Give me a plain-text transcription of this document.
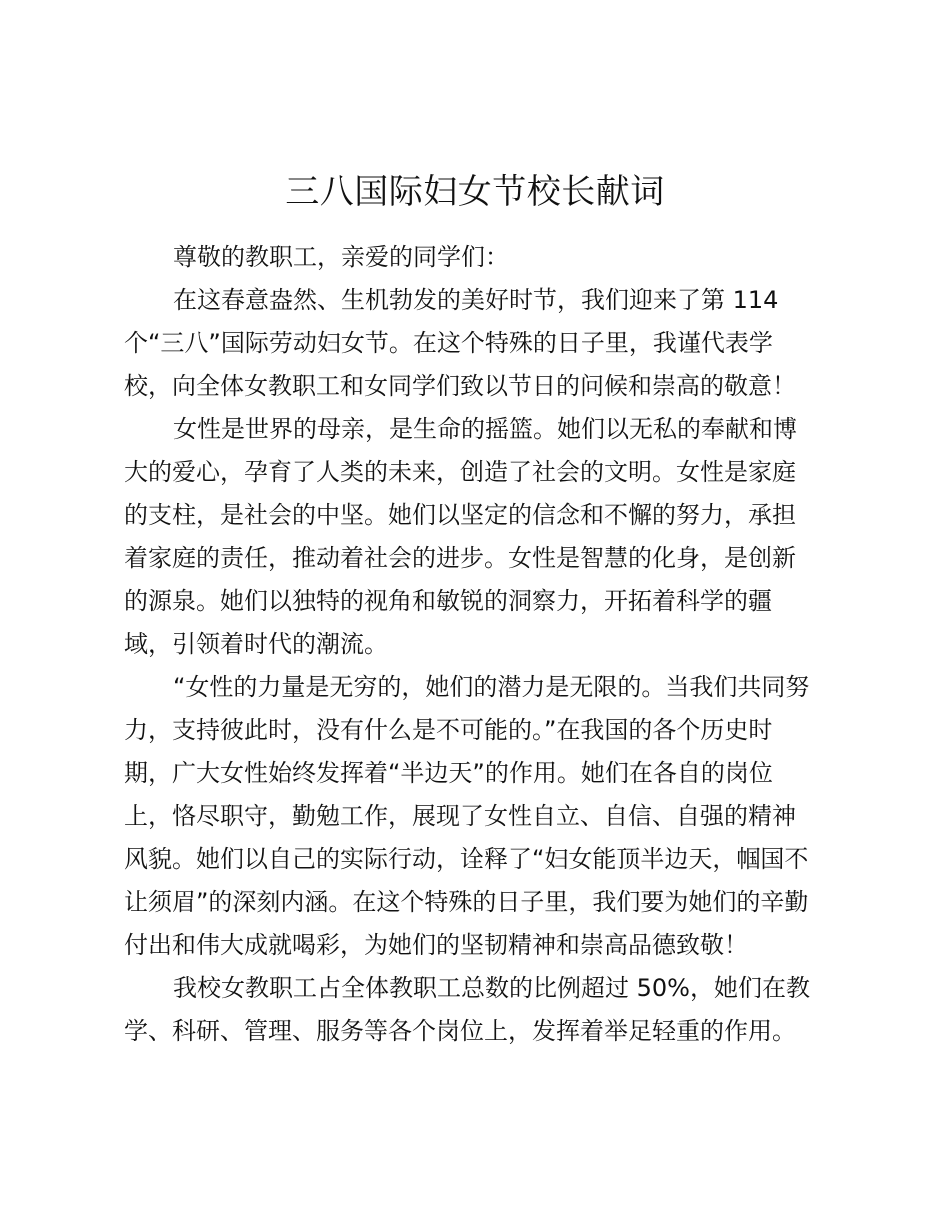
三八国际妇女节校长献词
尊敬的教职工，亲爱的同学们：
在这春意盎然、生机勃发的美好时节，我们迎来了第 114
个“三八”国际劳动妇女节。在这个特殊的日子里，我谨代表学
校，向全体女教职工和女同学们致以节日的问候和崇高的敬意！
女性是世界的母亲，是生命的摇篮。她们以无私的奉献和博
大的爱心，孕育了人类的未来，创造了社会的文明。女性是家庭
的支柱，是社会的中坚。她们以坚定的信念和不懈的努力，承担
着家庭的责任，推动着社会的进步。女性是智慧的化身，是创新
的源泉。她们以独特的视角和敏锐的洞察力，开拓着科学的疆
域，引领着时代的潮流。
“女性的力量是无穷的，她们的潜力是无限的。当我们共同努
力，支持彼此时，没有什么是不可能的。”在我国的各个历史时
期，广大女性始终发挥着“半边天”的作用。她们在各自的岗位
上，恪尽职守，勤勉工作，展现了女性自立、自信、自强的精神
风貌。她们以自己的实际行动，诠释了“妇女能顶半边天，帼国不
让须眉”的深刻内涵。在这个特殊的日子里，我们要为她们的辛勤
付出和伟大成就喝彩，为她们的坚韧精神和崇高品德致敬！
我校女教职工占全体教职工总数的比例超过 50%，她们在教
学、科研、管理、服务等各个岗位上，发挥着举足轻重的作用。
